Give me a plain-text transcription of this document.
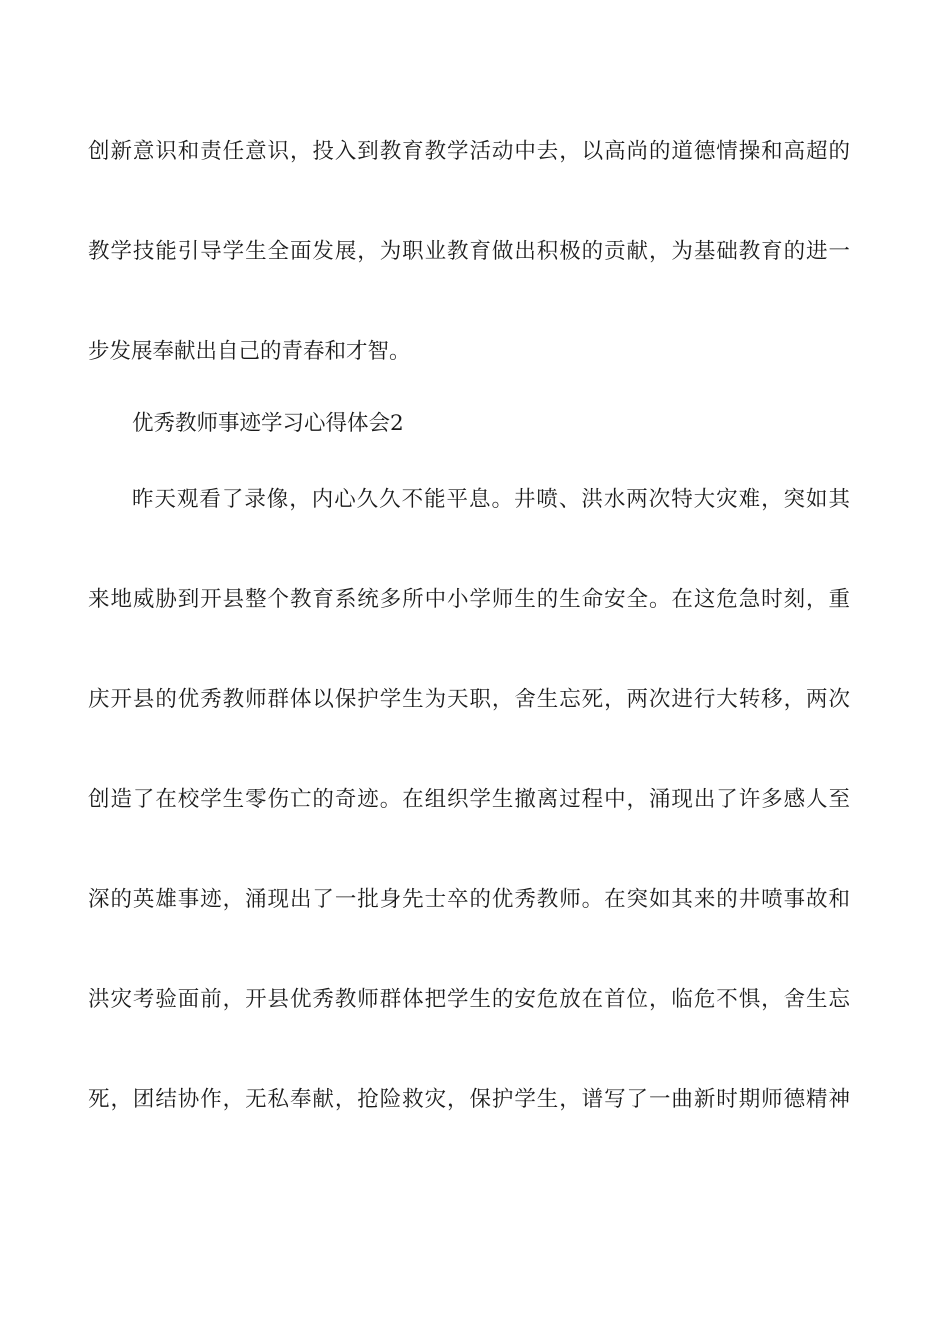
创新意识和责任意识，投入到教育教学活动中去，以高尚的道德情操和高超的
教学技能引导学生全面发展，为职业教育做出积极的贡献，为基础教育的进一
步发展奉献出自己的青春和才智。
优秀教师事迹学习心得体会2
昨天观看了录像，内心久久不能平息。井喷、洪水两次特大灾难，突如其
来地威胁到开县整个教育系统多所中小学师生的生命安全。在这危急时刻，重
庆开县的优秀教师群体以保护学生为天职，舍生忘死，两次进行大转移，两次
创造了在校学生零伤亡的奇迹。在组织学生撤离过程中，涌现出了许多感人至
深的英雄事迹，涌现出了一批身先士卒的优秀教师。在突如其来的井喷事故和
洪灾考验面前，开县优秀教师群体把学生的安危放在首位，临危不惧，舍生忘
死，团结协作，无私奉献，抢险救灾，保护学生，谱写了一曲新时期师德精神
